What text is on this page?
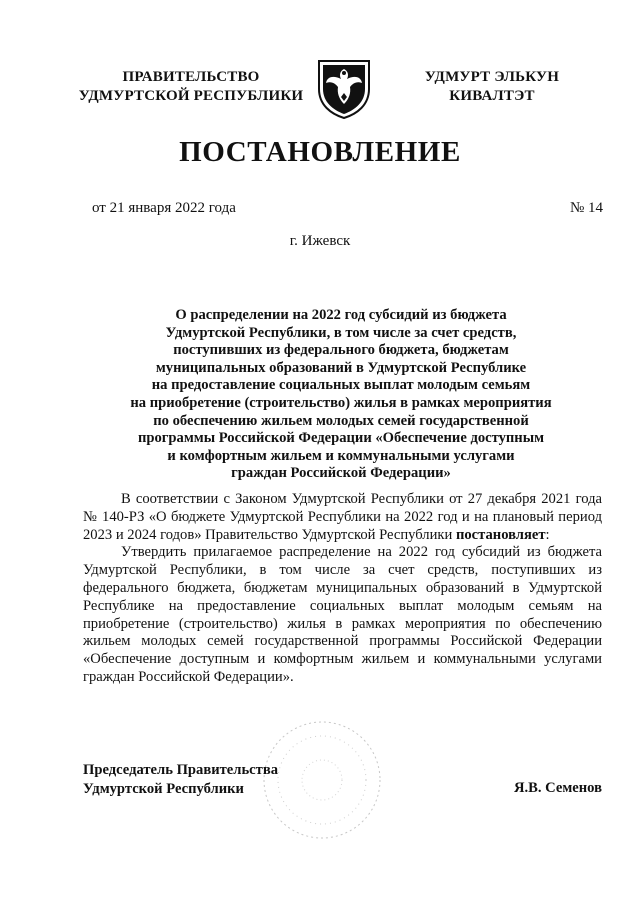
ПРАВИТЕЛЬСТВО
УДМУРТСКОЙ РЕСПУБЛИКИ
УДМУРТ ЭЛЬКУН
КИВАЛТЭТ
ПОСТАНОВЛЕНИЕ
от 21 января 2022 года	№ 14
г. Ижевск
О распределении на 2022 год субсидий из бюджета
Удмуртской Республики, в том числе за счет средств,
поступивших из федерального бюджета, бюджетам
муниципальных образований в Удмуртской Республике
на предоставление социальных выплат молодым семьям
на приобретение (строительство) жилья в рамках мероприятия
по обеспечению жильем молодых семей государственной
программы Российской Федерации «Обеспечение доступным
и комфортным жильем и коммунальными услугами
граждан Российской Федерации»

В соответствии с Законом Удмуртской Республики от 27 декабря 2021 года № 140-РЗ «О бюджете Удмуртской Республики на 2022 год и на плановый период 2023 и 2024 годов» Правительство Удмуртской Республики постановляет:

Утвердить прилагаемое распределение на 2022 год субсидий из бюджета Удмуртской Республики, в том числе за счет средств, поступивших из федерального бюджета, бюджетам муниципальных образований в Удмуртской Республике на предоставление социальных выплат молодым семьям на приобретение (строительство) жилья в рамках мероприятия по обеспечению жильем молодых семей государственной программы Российской Федерации «Обеспечение доступным и комфортным жильем и коммунальными услугами граждан Российской Федерации».

Председатель Правительства
Удмуртской Республики	Я.В. Семенов
